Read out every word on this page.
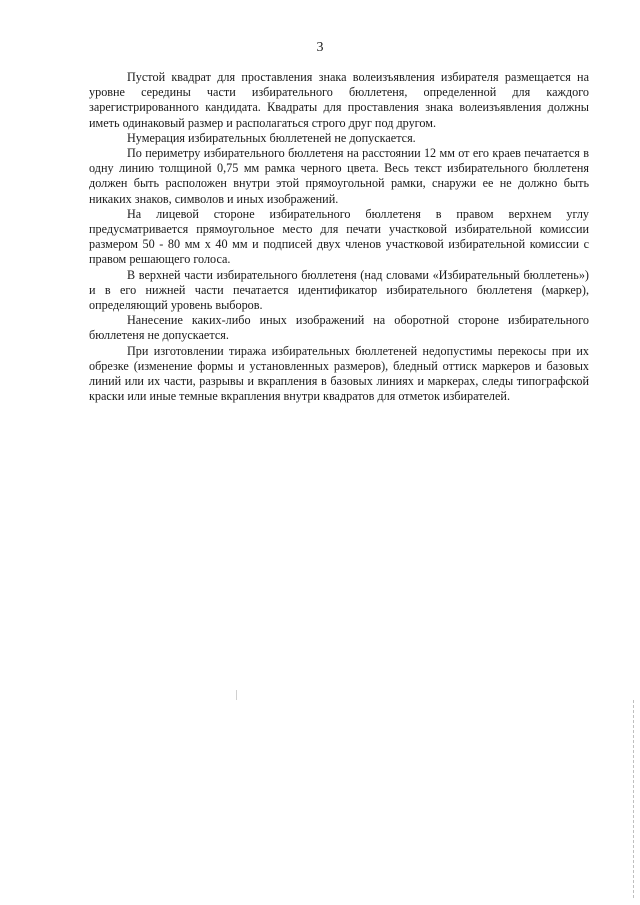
3

Пустой квадрат для проставления знака волеизъявления избирателя размещается на уровне середины части избирательного бюллетеня, определенной для каждого зарегистрированного кандидата. Квадраты для проставления знака волеизъявления должны иметь одинаковый размер и располагаться строго друг под другом.

Нумерация избирательных бюллетеней не допускается.

По периметру избирательного бюллетеня на расстоянии 12 мм от его краев печатается в одну линию толщиной 0,75 мм рамка черного цвета. Весь текст избирательного бюллетеня должен быть расположен внутри этой прямоугольной рамки, снаружи ее не должно быть никаких знаков, символов и иных изображений.

На лицевой стороне избирательного бюллетеня в правом верхнем углу предусматривается прямоугольное место для печати участковой избирательной комиссии размером 50 - 80 мм х 40 мм и подписей двух членов участковой избирательной комиссии с правом решающего голоса.

В верхней части избирательного бюллетеня (над словами «Избирательный бюллетень») и в его нижней части печатается идентификатор избирательного бюллетеня (маркер), определяющий уровень выборов.

Нанесение каких-либо иных изображений на оборотной стороне избирательного бюллетеня не допускается.

При изготовлении тиража избирательных бюллетеней недопустимы перекосы при их обрезке (изменение формы и установленных размеров), бледный оттиск маркеров и базовых линий или их части, разрывы и вкрапления в базовых линиях и маркерах, следы типографской краски или иные темные вкрапления внутри квадратов для отметок избирателей.
